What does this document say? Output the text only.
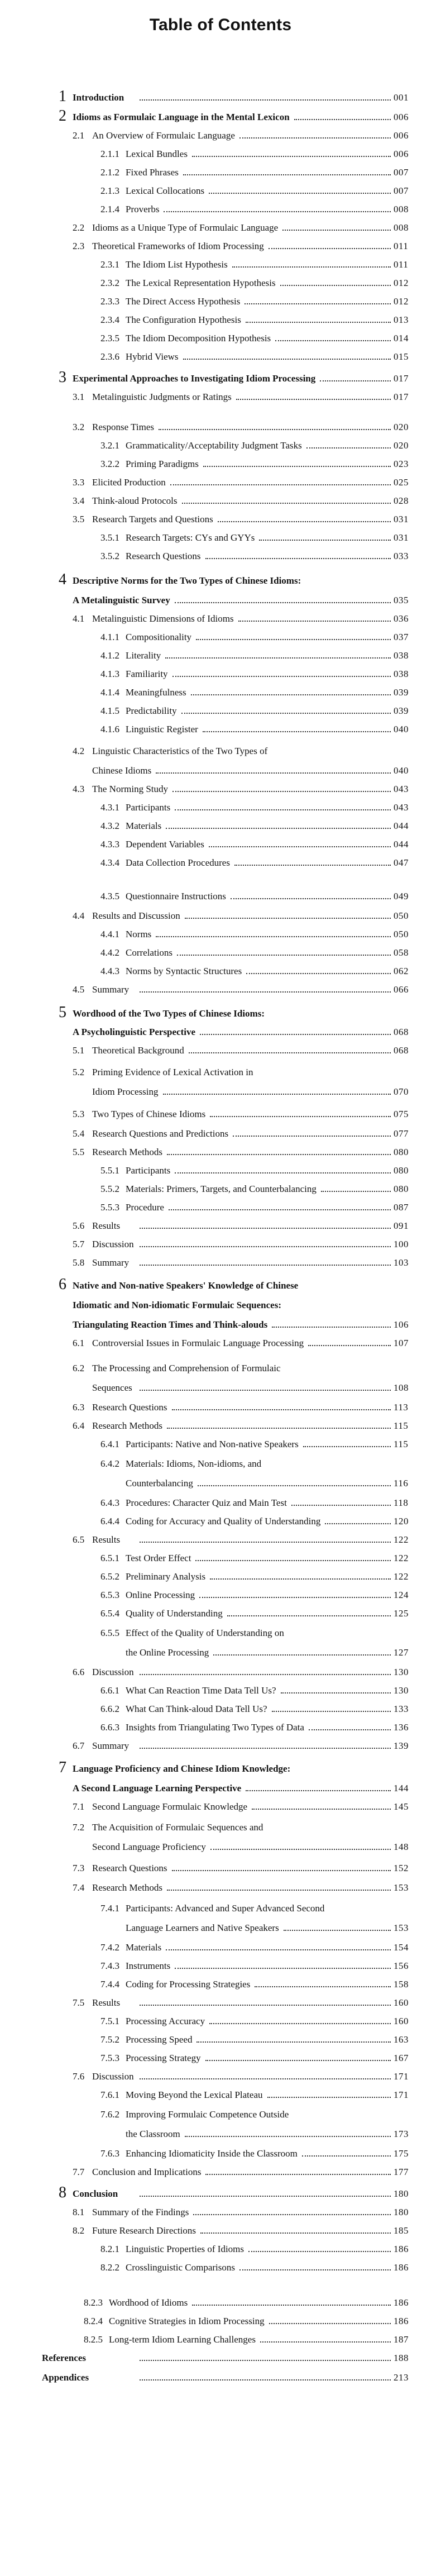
Table of Contents
1 Introduction	001
2 Idioms as Formulaic Language in the Mental Lexicon	006
2.1 An Overview of Formulaic Language	006
2.1.1 Lexical Bundles	006
2.1.2 Fixed Phrases	007
2.1.3 Lexical Collocations	007
2.1.4 Proverbs	008
2.2 Idioms as a Unique Type of Formulaic Language	008
2.3 Theoretical Frameworks of Idiom Processing	011
2.3.1 The Idiom List Hypothesis	011
2.3.2 The Lexical Representation Hypothesis	012
2.3.3 The Direct Access Hypothesis	012
2.3.4 The Configuration Hypothesis	013
2.3.5 The Idiom Decomposition Hypothesis	014
2.3.6 Hybrid Views	015
3 Experimental Approaches to Investigating Idiom Processing	017
3.1 Metalinguistic Judgments or Ratings	017
3.2 Response Times	020
3.2.1 Grammaticality/Acceptability Judgment Tasks	020
3.2.2 Priming Paradigms	023
3.3 Elicited Production	025
3.4 Think-aloud Protocols	028
3.5 Research Targets and Questions	031
3.5.1 Research Targets: CYs and GYYs	031
3.5.2 Research Questions	033
4 Descriptive Norms for the Two Types of Chinese Idioms:
A Metalinguistic Survey	035
4.1 Metalinguistic Dimensions of Idioms	036
4.1.1 Compositionality	037
4.1.2 Literality	038
4.1.3 Familiarity	038
4.1.4 Meaningfulness	039
4.1.5 Predictability	039
4.1.6 Linguistic Register	040
4.2 Linguistic Characteristics of the Two Types of
Chinese Idioms	040
4.3 The Norming Study	043
4.3.1 Participants	043
4.3.2 Materials	044
4.3.3 Dependent Variables	044
4.3.4 Data Collection Procedures	047
4.3.5 Questionnaire Instructions	049
4.4 Results and Discussion	050
4.4.1 Norms	050
4.4.2 Correlations	058
4.4.3 Norms by Syntactic Structures	062
4.5 Summary	066
5 Wordhood of the Two Types of Chinese Idioms:
A Psycholinguistic Perspective	068
5.1 Theoretical Background	068
5.2 Priming Evidence of Lexical Activation in
Idiom Processing	070
5.3 Two Types of Chinese Idioms	075
5.4 Research Questions and Predictions	077
5.5 Research Methods	080
5.5.1 Participants	080
5.5.2 Materials: Primers, Targets, and Counterbalancing	080
5.5.3 Procedure	087
5.6 Results	091
5.7 Discussion	100
5.8 Summary	103
6 Native and Non-native Speakers' Knowledge of Chinese
Idiomatic and Non-idiomatic Formulaic Sequences:
Triangulating Reaction Times and Think-alouds	106
6.1 Controversial Issues in Formulaic Language Processing	107
6.2 The Processing and Comprehension of Formulaic
Sequences	108
6.3 Research Questions	113
6.4 Research Methods	115
6.4.1 Participants: Native and Non-native Speakers	115
6.4.2 Materials: Idioms, Non-idioms, and
Counterbalancing	116
6.4.3 Procedures: Character Quiz and Main Test	118
6.4.4 Coding for Accuracy and Quality of Understanding	120
6.5 Results	122
6.5.1 Test Order Effect	122
6.5.2 Preliminary Analysis	122
6.5.3 Online Processing	124
6.5.4 Quality of Understanding	125
6.5.5 Effect of the Quality of Understanding on
the Online Processing	127
6.6 Discussion	130
6.6.1 What Can Reaction Time Data Tell Us?	130
6.6.2 What Can Think-aloud Data Tell Us?	133
6.6.3 Insights from Triangulating Two Types of Data	136
6.7 Summary	139
7 Language Proficiency and Chinese Idiom Knowledge:
A Second Language Learning Perspective	144
7.1 Second Language Formulaic Knowledge	145
7.2 The Acquisition of Formulaic Sequences and
Second Language Proficiency	148
7.3 Research Questions	152
7.4 Research Methods	153
7.4.1 Participants: Advanced and Super Advanced Second
Language Learners and Native Speakers	153
7.4.2 Materials	154
7.4.3 Instruments	156
7.4.4 Coding for Processing Strategies	158
7.5 Results	160
7.5.1 Processing Accuracy	160
7.5.2 Processing Speed	163
7.5.3 Processing Strategy	167
7.6 Discussion	171
7.6.1 Moving Beyond the Lexical Plateau	171
7.6.2 Improving Formulaic Competence Outside
the Classroom	173
7.6.3 Enhancing Idiomaticity Inside the Classroom	175
7.7 Conclusion and Implications	177
8 Conclusion	180
8.1 Summary of the Findings	180
8.2 Future Research Directions	185
8.2.1 Linguistic Properties of Idioms	186
8.2.2 Crosslinguistic Comparisons	186
8.2.3 Wordhood of Idioms	186
8.2.4 Cognitive Strategies in Idiom Processing	186
8.2.5 Long-term Idiom Learning Challenges	187
References	188
Appendices	213
